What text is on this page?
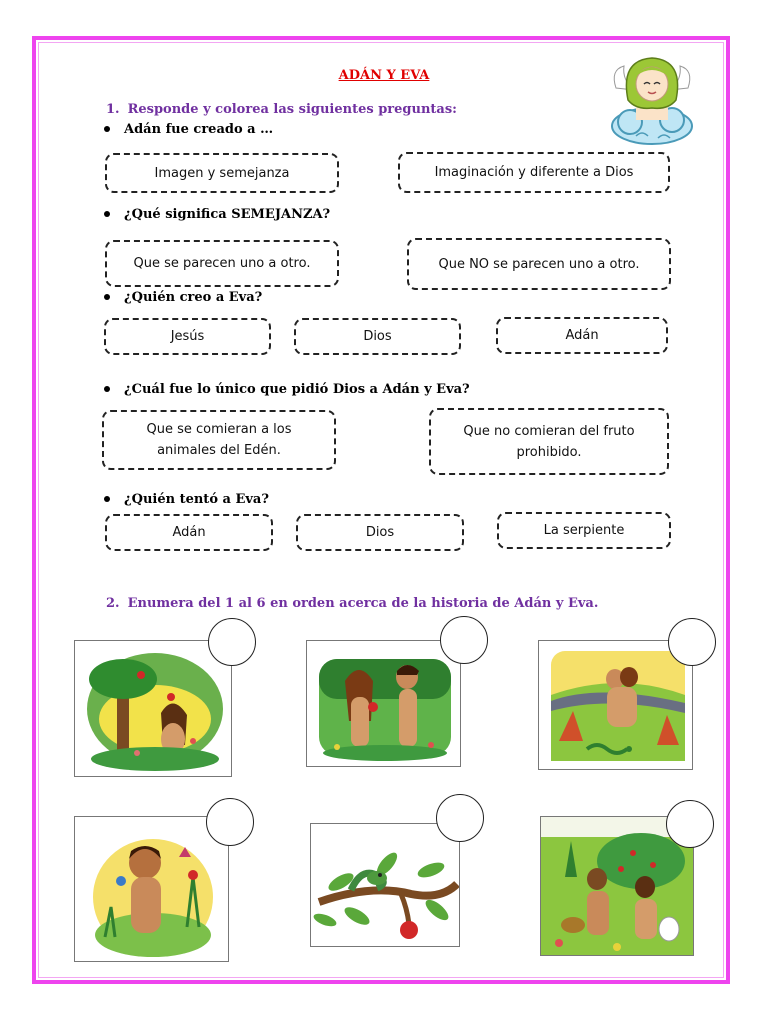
ADÁN Y EVA
1. Responde y colorea las siguientes preguntas:
Adán fue creado a …
Imagen y semejanza	Imaginación y diferente a Dios
¿Qué significa SEMEJANZA?
Que se parecen uno a otro.	Que NO se parecen uno a otro.
¿Quién creo a Eva?
Jesús	Dios	Adán
¿Cuál fue lo único que pidió Dios a Adán y Eva?
Que se comieran a los animales del Edén.
Que no comieran del fruto prohibido.
¿Quién tentó a Eva?
Adán	Dios	La serpiente
2. Enumera del 1 al 6 en orden acerca de la historia de Adán y Eva.
